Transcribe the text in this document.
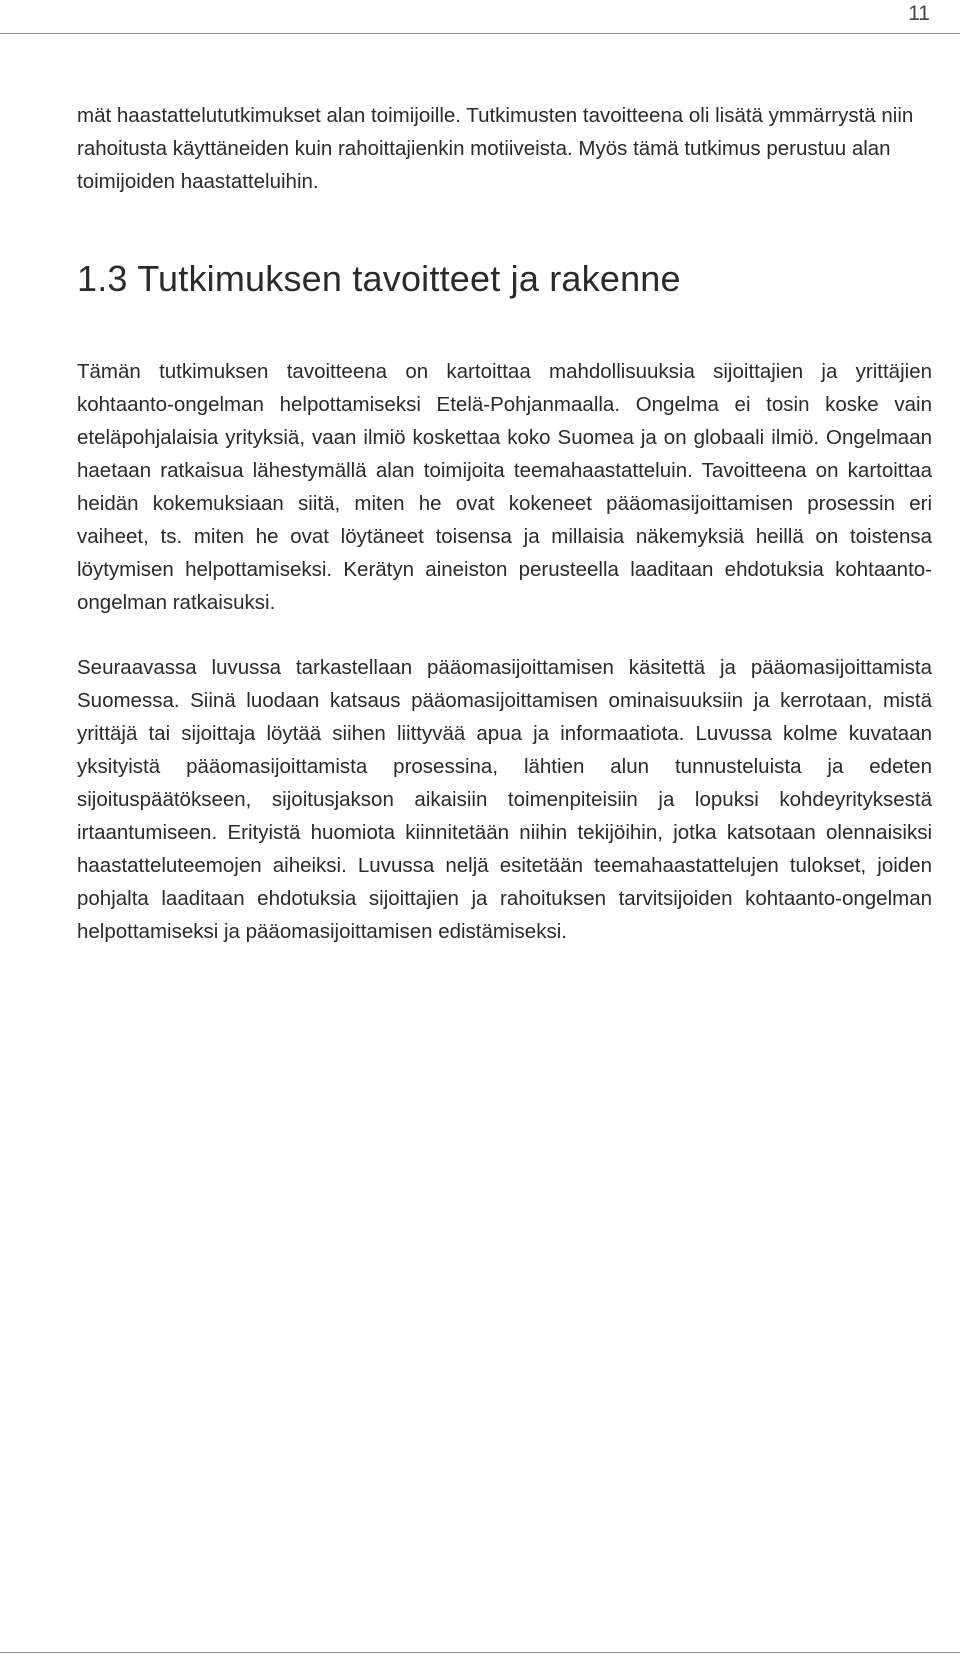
11

mät haastattelututkimukset alan toimijoille. Tutkimusten tavoitteena oli lisätä ymmärrystä niin rahoitusta käyttäneiden kuin rahoittajienkin motiiveista. Myös tämä tutkimus perustuu alan toimijoiden haastatteluihin.

1.3 Tutkimuksen tavoitteet ja rakenne

Tämän tutkimuksen tavoitteena on kartoittaa mahdollisuuksia sijoittajien ja yrittäjien kohtaanto-ongelman helpottamiseksi Etelä-Pohjanmaalla. Ongelma ei tosin koske vain eteläpohjalaisia yrityksiä, vaan ilmiö koskettaa koko Suomea ja on globaali ilmiö. Ongelmaan haetaan ratkaisua lähestymällä alan toimijoita teemahaastatteluin. Tavoitteena on kartoittaa heidän kokemuksiaan siitä, miten he ovat kokeneet pääomasijoittamisen prosessin eri vaiheet, ts. miten he ovat löytäneet toisensa ja millaisia näkemyksiä heillä on toistensa löytymisen helpottamiseksi. Kerätyn aineiston perusteella laaditaan ehdotuksia kohtaanto-ongelman ratkaisuksi.

Seuraavassa luvussa tarkastellaan pääomasijoittamisen käsitettä ja pääomasijoittamista Suomessa. Siinä luodaan katsaus pääomasijoittamisen ominaisuuksiin ja kerrotaan, mistä yrittäjä tai sijoittaja löytää siihen liittyvää apua ja informaatiota. Luvussa kolme kuvataan yksityistä pääomasijoittamista prosessina, lähtien alun tunnusteluista ja edeten sijoituspäätökseen, sijoitusjakson aikaisiin toimenpiteisiin ja lopuksi kohdeyrityksestä irtaantumiseen. Erityistä huomiota kiinnitetään niihin tekijöihin, jotka katsotaan olennaisiksi haastatteluteemojen aiheiksi. Luvussa neljä esitetään teemahaastattelujen tulokset, joiden pohjalta laaditaan ehdotuksia sijoittajien ja rahoituksen tarvitsijoiden kohtaanto-ongelman helpottamiseksi ja pääomasijoittamisen edistämiseksi.
